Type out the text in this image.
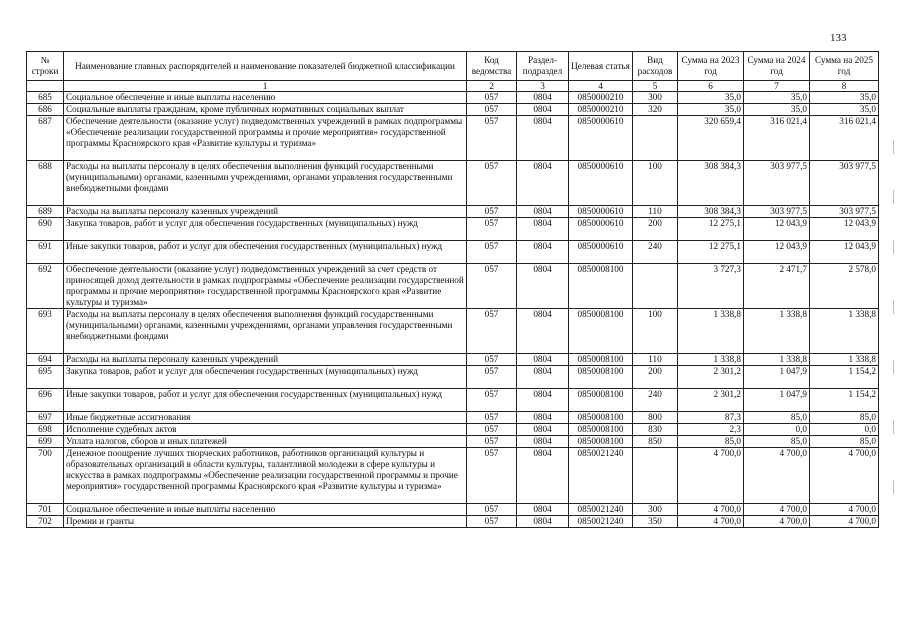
133
№ строки	Наименование главных распорядителей и наименование показателей бюджетной классификации	Код ведомства	Раздел-подраздел	Целевая статья	Вид расходов	Сумма на 2023 год	Сумма на 2024 год	Сумма на 2025 год
	1	2	3	4	5	6	7	8
685	Социальное обеспечение и иные выплаты населению	057	0804	0850000210	300	35,0	35,0	35,0
686	Социальные выплаты гражданам, кроме публичных нормативных социальных выплат	057	0804	0850000210	320	35,0	35,0	35,0
687	Обеспечение деятельности (оказание услуг) подведомственных учреждений в рамках подпрограммы «Обеспечение реализации государственной программы и прочие мероприятия» государственной программы Красноярского края «Развитие культуры и туризма»	057	0804	0850000610		320 659,4	316 021,4	316 021,4
688	Расходы на выплаты персоналу в целях обеспечения выполнения функций государственными (муниципальными) органами, казенными учреждениями, органами управления государственными внебюджетными фондами	057	0804	0850000610	100	308 384,3	303 977,5	303 977,5
689	Расходы на выплаты персоналу казенных учреждений	057	0804	0850000610	110	308 384,3	303 977,5	303 977,5
690	Закупка товаров, работ и услуг для обеспечения государственных (муниципальных) нужд	057	0804	0850000610	200	12 275,1	12 043,9	12 043,9
691	Иные закупки товаров, работ и услуг для обеспечения государственных (муниципальных) нужд	057	0804	0850000610	240	12 275,1	12 043,9	12 043,9
692	Обеспечение деятельности (оказание услуг) подведомственных учреждений за счет средств от приносящей доход деятельности в рамках подпрограммы «Обеспечение реализации государственной программы и прочие мероприятия» государственной программы Красноярского края «Развитие культуры и туризма»	057	0804	0850008100		3 727,3	2 471,7	2 578,0
693	Расходы на выплаты персоналу в целях обеспечения выполнения функций государственными (муниципальными) органами, казенными учреждениями, органами управления государственными внебюджетными фондами	057	0804	0850008100	100	1 338,8	1 338,8	1 338,8
694	Расходы на выплаты персоналу казенных учреждений	057	0804	0850008100	110	1 338,8	1 338,8	1 338,8
695	Закупка товаров, работ и услуг для обеспечения государственных (муниципальных) нужд	057	0804	0850008100	200	2 301,2	1 047,9	1 154,2
696	Иные закупки товаров, работ и услуг для обеспечения государственных (муниципальных) нужд	057	0804	0850008100	240	2 301,2	1 047,9	1 154,2
697	Иные бюджетные ассигнования	057	0804	0850008100	800	87,3	85,0	85,0
698	Исполнение судебных актов	057	0804	0850008100	830	2,3	0,0	0,0
699	Уплата налогов, сборов и иных платежей	057	0804	0850008100	850	85,0	85,0	85,0
700	Денежное поощрение лучших творческих работников, работников организаций культуры и образовательных организаций в области культуры, талантливой молодежи в сфере культуры и искусства в рамках подпрограммы «Обеспечение реализации государственной программы и прочие мероприятия» государственной программы Красноярского края «Развитие культуры и туризма»	057	0804	0850021240		4 700,0	4 700,0	4 700,0
701	Социальное обеспечение и иные выплаты населению	057	0804	0850021240	300	4 700,0	4 700,0	4 700,0
702	Премии и гранты	057	0804	0850021240	350	4 700,0	4 700,0	4 700,0
